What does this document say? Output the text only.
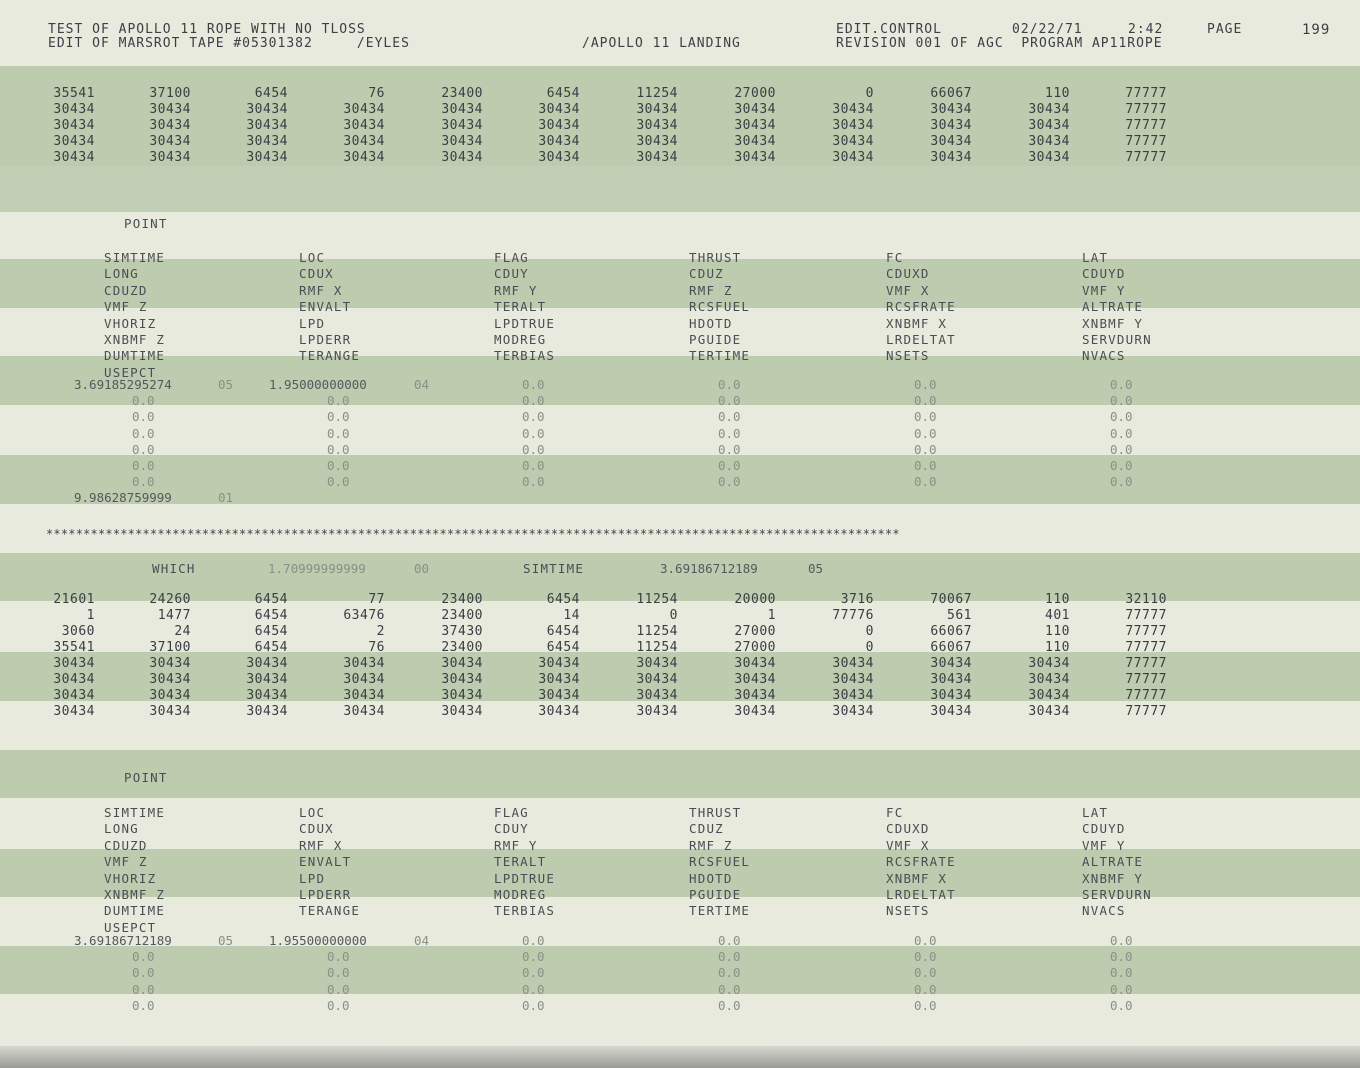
TEST OF APOLLO 11 ROPE WITH NO TLOSS
EDIT OF MARSROT TAPE #05301382     /EYLES	/APOLLO 11 LANDING
EDIT.CONTROL	02/22/71	2:42	PAGE	199
REVISION 001 OF AGC  PROGRAM AP11ROPE
35541	37100	6454	76	23400	6454	11254	27000	0	66067	110	77777
30434	30434	30434	30434	30434	30434	30434	30434	30434	30434	30434	77777
30434	30434	30434	30434	30434	30434	30434	30434	30434	30434	30434	77777
30434	30434	30434	30434	30434	30434	30434	30434	30434	30434	30434	77777
30434	30434	30434	30434	30434	30434	30434	30434	30434	30434	30434	77777
21601	24260	6454	77	23400	6454	11254	20000	3716	70067	110	32110
1	1477	6454	63476	23400	14	0	1	77776	561	401	77777
3060	24	6454	2	37430	6454	11254	27000	0	66067	110	77777
35541	37100	6454	76	23400	6454	11254	27000	0	66067	110	77777
30434	30434	30434	30434	30434	30434	30434	30434	30434	30434	30434	77777
30434	30434	30434	30434	30434	30434	30434	30434	30434	30434	30434	77777
30434	30434	30434	30434	30434	30434	30434	30434	30434	30434	30434	77777
30434	30434	30434	30434	30434	30434	30434	30434	30434	30434	30434	77777
POINT
SIMTIME	LOC	FLAG	THRUST	FC	LAT
LONG	CDUX	CDUY	CDUZ	CDUXD	CDUYD
CDUZD	RMF X	RMF Y	RMF Z	VMF X	VMF Y
VMF Z	ENVALT	TERALT	RCSFUEL	RCSFRATE	ALTRATE
VHORIZ	LPD	LPDTRUE	HDOTD	XNBMF X	XNBMF Y
XNBMF Z	LPDERR	MODREG	PGUIDE	LRDELTAT	SERVDURN
DUMTIME	TERANGE	TERBIAS	TERTIME	NSETS	NVACS
USEPCT
3.69185295274	05	1.95000000000	04	0.0	0.0	0.0	0.0
0.0	0.0	0.0	0.0	0.0	0.0
0.0	0.0	0.0	0.0	0.0	0.0
0.0	0.0	0.0	0.0	0.0	0.0
0.0	0.0	0.0	0.0	0.0	0.0
0.0	0.0	0.0	0.0	0.0	0.0
0.0	0.0	0.0	0.0	0.0	0.0
9.98628759999	01
*******************************************************************************************************************
WHICH	1.70999999999	00	SIMTIME	3.69186712189	05
POINT
SIMTIME	LOC	FLAG	THRUST	FC	LAT
LONG	CDUX	CDUY	CDUZ	CDUXD	CDUYD
CDUZD	RMF X	RMF Y	RMF Z	VMF X	VMF Y
VMF Z	ENVALT	TERALT	RCSFUEL	RCSFRATE	ALTRATE
VHORIZ	LPD	LPDTRUE	HDOTD	XNBMF X	XNBMF Y
XNBMF Z	LPDERR	MODREG	PGUIDE	LRDELTAT	SERVDURN
DUMTIME	TERANGE	TERBIAS	TERTIME	NSETS	NVACS
USEPCT
3.69186712189	05	1.95500000000	04	0.0	0.0	0.0	0.0
0.0	0.0	0.0	0.0	0.0	0.0
0.0	0.0	0.0	0.0	0.0	0.0
0.0	0.0	0.0	0.0	0.0	0.0
0.0	0.0	0.0	0.0	0.0	0.0
